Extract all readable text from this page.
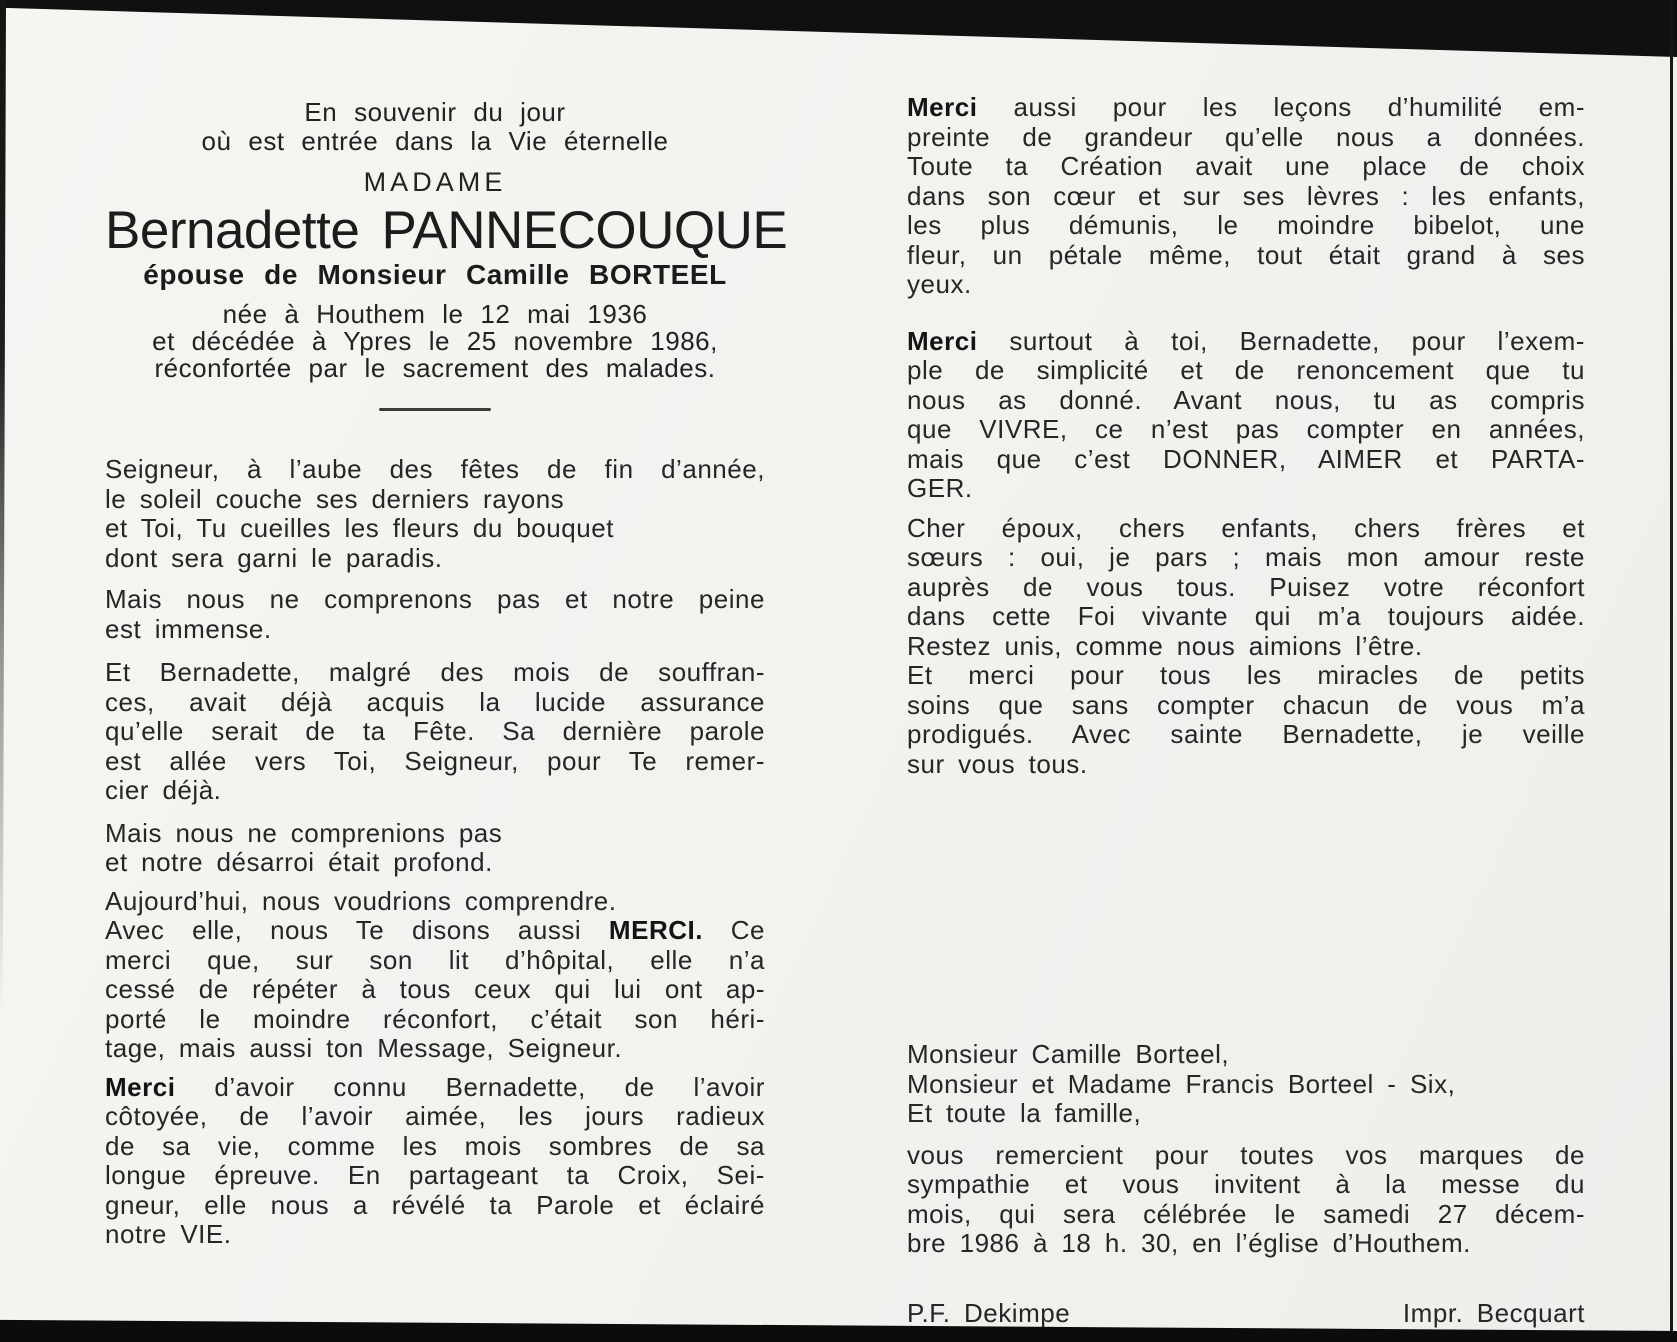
En souvenir du jour
où est entrée dans la Vie éternelle
MADAME
Bernadette PANNECOUQUE
épouse de Monsieur Camille BORTEEL
née à Houthem le 12 mai 1936
et décédée à Ypres le 25 novembre 1986,
réconfortée par le sacrement des malades.
Seigneur, à l’aube des fêtes de fin d’année,
le soleil couche ses derniers rayons
et Toi, Tu cueilles les fleurs du bouquet
dont sera garni le paradis.
Mais nous ne comprenons pas et notre peine
est immense.
Et Bernadette, malgré des mois de souffran-
ces, avait déjà acquis la lucide assurance
qu’elle serait de ta Fête. Sa dernière parole
est allée vers Toi, Seigneur, pour Te remer-
cier déjà.
Mais nous ne comprenions pas
et notre désarroi était profond.
Aujourd’hui, nous voudrions comprendre.
Avec elle, nous Te disons aussi MERCI. Ce
merci que, sur son lit d’hôpital, elle n’a
cessé de répéter à tous ceux qui lui ont ap-
porté le moindre réconfort, c’était son héri-
tage, mais aussi ton Message, Seigneur.
Merci d’avoir connu Bernadette, de l’avoir
côtoyée, de l’avoir aimée, les jours radieux
de sa vie, comme les mois sombres de sa
longue épreuve. En partageant ta Croix, Sei-
gneur, elle nous a révélé ta Parole et éclairé
notre VIE.
Merci aussi pour les leçons d’humilité em-
preinte de grandeur qu’elle nous a données.
Toute ta Création avait une place de choix
dans son cœur et sur ses lèvres : les enfants,
les plus démunis, le moindre bibelot, une
fleur, un pétale même, tout était grand à ses
yeux.
Merci surtout à toi, Bernadette, pour l’exem-
ple de simplicité et de renoncement que tu
nous as donné. Avant nous, tu as compris
que VIVRE, ce n’est pas compter en années,
mais que c’est DONNER, AIMER et PARTA-
GER.
Cher époux, chers enfants, chers frères et
sœurs : oui, je pars ; mais mon amour reste
auprès de vous tous. Puisez votre réconfort
dans cette Foi vivante qui m’a toujours aidée.
Restez unis, comme nous aimions l’être.
Et merci pour tous les miracles de petits
soins que sans compter chacun de vous m’a
prodigués. Avec sainte Bernadette, je veille
sur vous tous.
Monsieur Camille Borteel,
Monsieur et Madame Francis Borteel - Six,
Et toute la famille,
vous remercient pour toutes vos marques de
sympathie et vous invitent à la messe du
mois, qui sera célébrée le samedi 27 décem-
bre 1986 à 18 h. 30, en l’église d’Houthem.
P.F. Dekimpe	Impr. Becquart
